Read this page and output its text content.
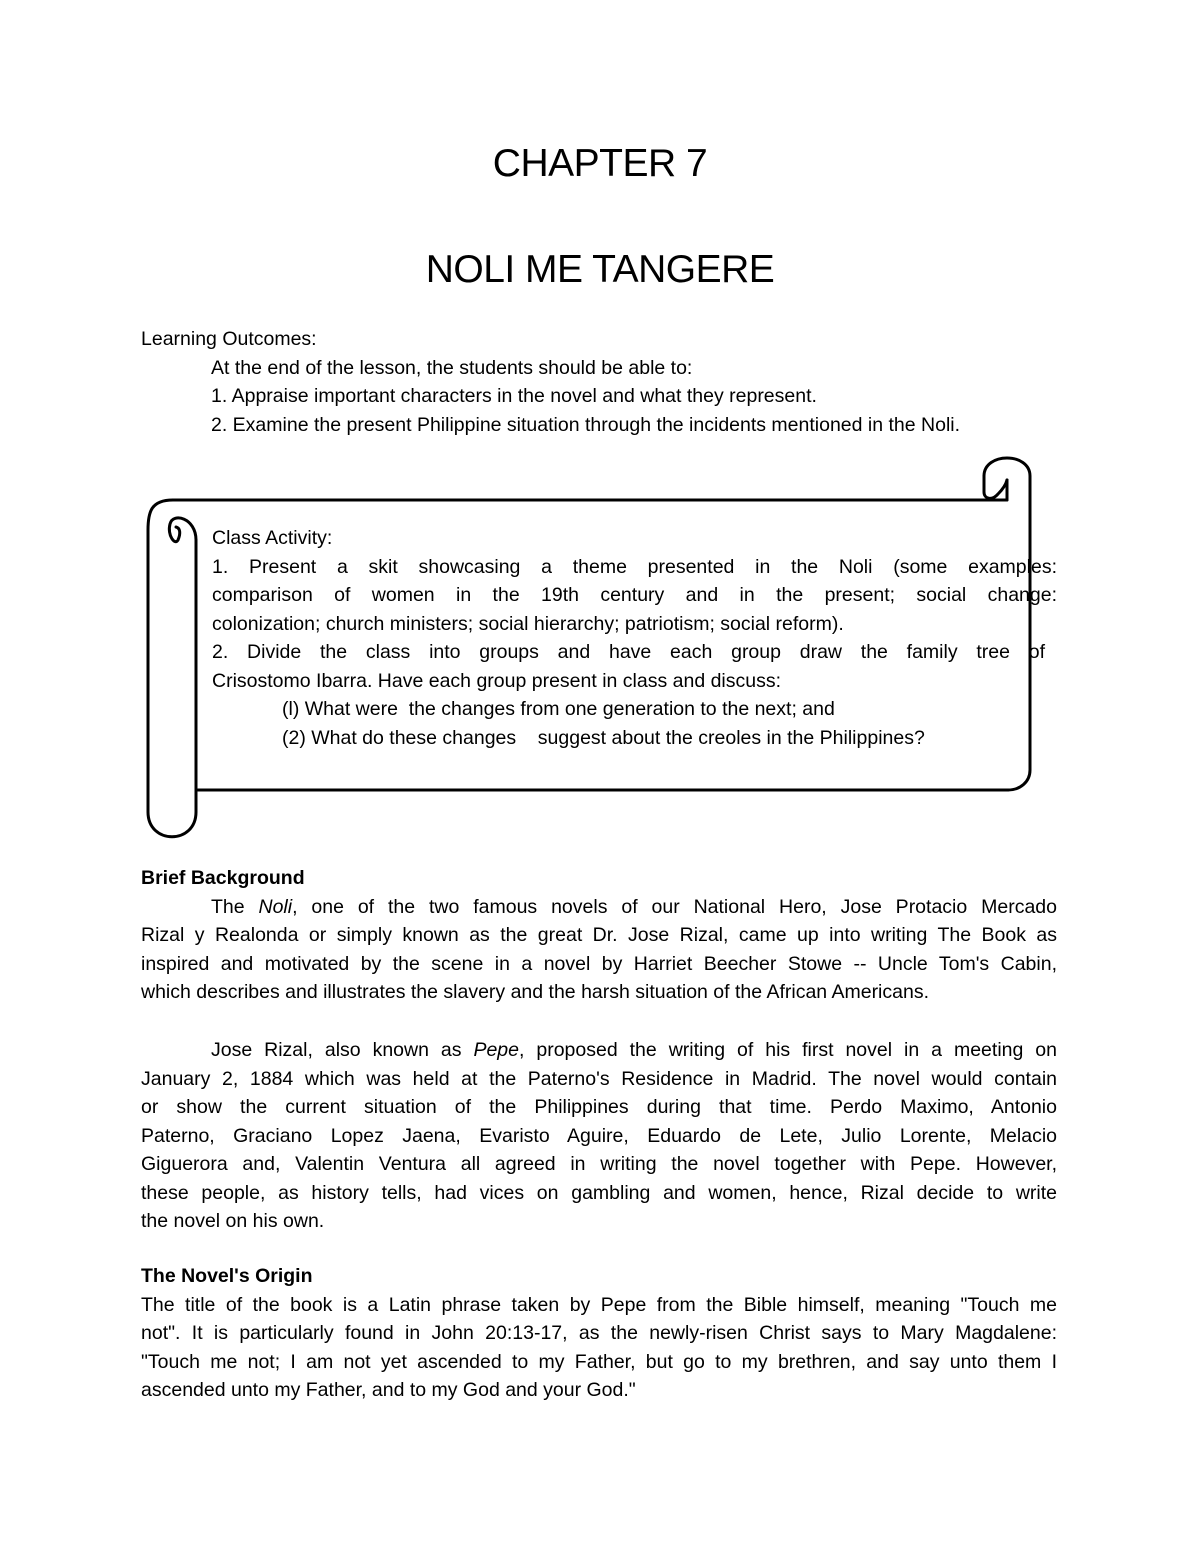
CHAPTER 7
NOLI ME TANGERE
Learning Outcomes:
At the end of the lesson, the students should be able to:
1. Appraise important characters in the novel and what they represent.
2. Examine the present Philippine situation through the incidents mentioned in the Noli.
Class Activity:
1. Present a skit showcasing a theme presented in the Noli (some examples:
comparison of women in the 19th century and in the present; social change:
colonization; church ministers; social hierarchy; patriotism; social reform).
2. Divide the class into groups and have each group draw the family tree of
Crisostomo Ibarra. Have each group present in class and discuss:
(l) What were  the changes from one generation to the next; and
(2) What do these changes    suggest about the creoles in the Philippines?
Brief Background
The Noli, one of the two famous novels of our National Hero, Jose Protacio Mercado
Rizal y Realonda or simply known as the great Dr. Jose Rizal, came up into writing The Book as
inspired and motivated by the scene in a novel by Harriet Beecher Stowe -- Uncle Tom's Cabin,
which describes and illustrates the slavery and the harsh situation of the African Americans.
Jose Rizal, also known as Pepe, proposed the writing of his first novel in a meeting on
January 2, 1884 which was held at the Paterno's Residence in Madrid. The novel would contain
or show the current situation of the Philippines during that time. Perdo Maximo, Antonio
Paterno, Graciano Lopez Jaena, Evaristo Aguire, Eduardo de Lete, Julio Lorente, Melacio
Giguerora and, Valentin Ventura all agreed in writing the novel together with Pepe. However,
these people, as history tells, had vices on gambling and women, hence, Rizal decide to write
the novel on his own.
The Novel's Origin
The title of the book is a Latin phrase taken by Pepe from the Bible himself, meaning "Touch me
not". It is particularly found in John 20:13-17, as the newly-risen Christ says to Mary Magdalene:
"Touch me not; I am not yet ascended to my Father, but go to my brethren, and say unto them I
ascended unto my Father, and to my God and your God."
